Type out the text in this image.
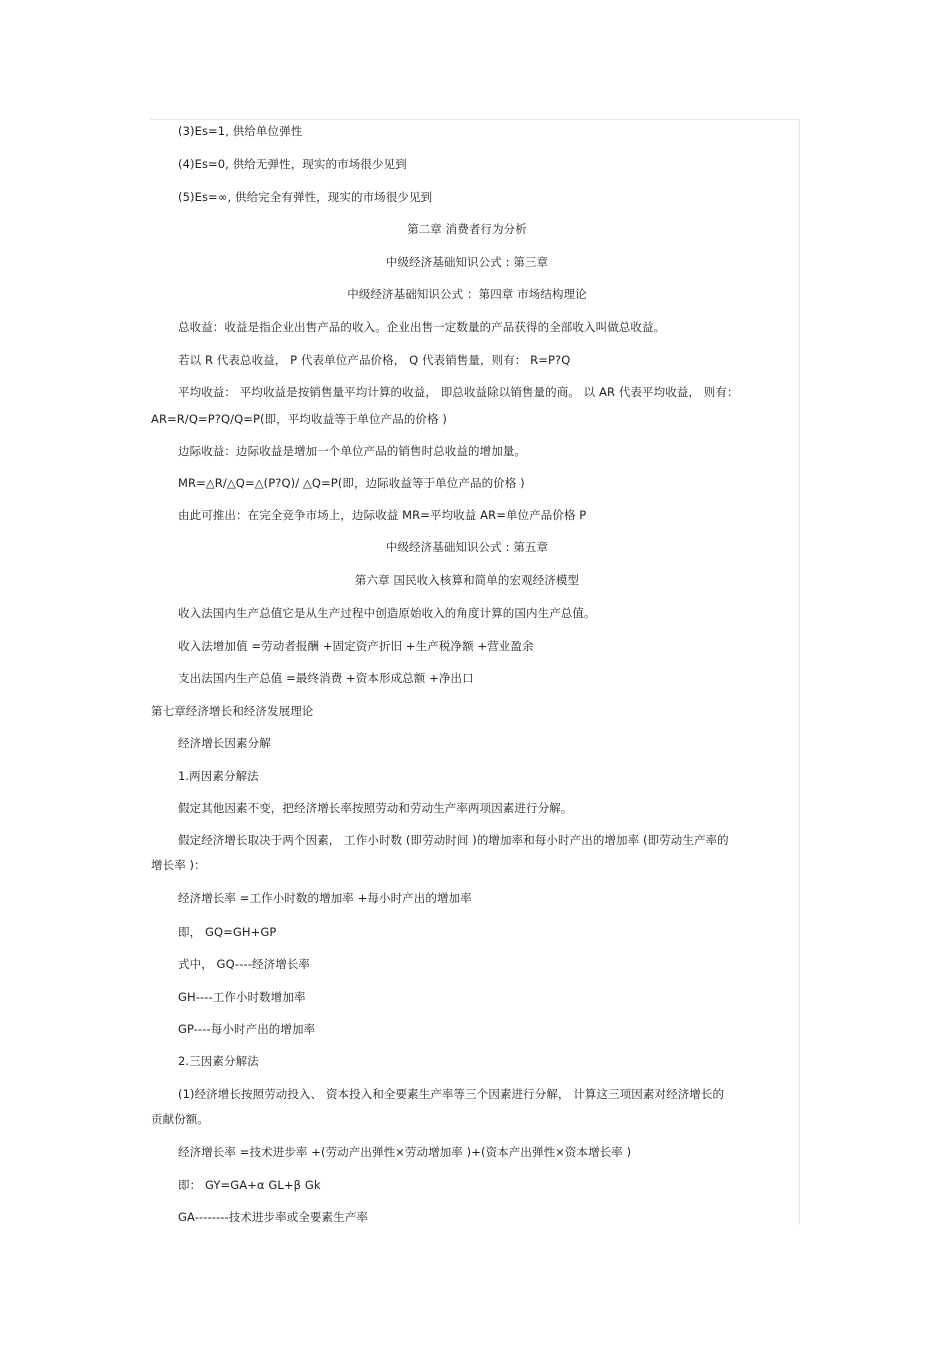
(3)Es=1, 供给单位弹性
(4)Es=0, 供给无弹性，现实的市场很少见到
(5)Es=∞, 供给完全有弹性，现实的市场很少见到
第二章 消费者行为分析
中级经济基础知识公式 : 第三章
中级经济基础知识公式 ：第四章 市场结构理论
总收益：收益是指企业出售产品的收入。企业出售一定数量的产品获得的全部收入叫做总收益。
若以 R 代表总收益， P 代表单位产品价格， Q 代表销售量，则有： R=P?Q
平均收益： 平均收益是按销售量平均计算的收益， 即总收益除以销售量的商。 以 AR 代表平均收益， 则有：
AR=R/Q=P?Q/Q=P(即，平均收益等于单位产品的价格 )
边际收益：边际收益是增加一个单位产品的销售时总收益的增加量。
MR=△R/△Q=△(P?Q)/ △Q=P(即，边际收益等于单位产品的价格 )
由此可推出：在完全竞争市场上，边际收益 MR=平均收益 AR=单位产品价格 P
中级经济基础知识公式 : 第五章
第六章 国民收入核算和简单的宏观经济模型
收入法国内生产总值它是从生产过程中创造原始收入的角度计算的国内生产总值。
收入法增加值 =劳动者报酬 +固定资产折旧 +生产税净额 +营业盈余
支出法国内生产总值 =最终消费 +资本形成总额 +净出口
第七章经济增长和经济发展理论
经济增长因素分解
1.两因素分解法
假定其他因素不变，把经济增长率按照劳动和劳动生产率两项因素进行分解。
假定经济增长取决于两个因素， 工作小时数 (即劳动时间 )的增加率和每小时产出的增加率 (即劳动生产率的
增长率 )：
经济增长率 =工作小时数的增加率 +每小时产出的增加率
即， GQ=GH+GP
式中， GQ----经济增长率
GH----工作小时数增加率
GP----每小时产出的增加率
2.三因素分解法
(1)经济增长按照劳动投入、 资本投入和全要素生产率等三个因素进行分解， 计算这三项因素对经济增长的
贡献份额。
经济增长率 =技术进步率 +(劳动产出弹性×劳动增加率 )+(资本产出弹性×资本增长率 )
即： GY=GA+α GL+β Gk
GA--------技术进步率或全要素生产率
